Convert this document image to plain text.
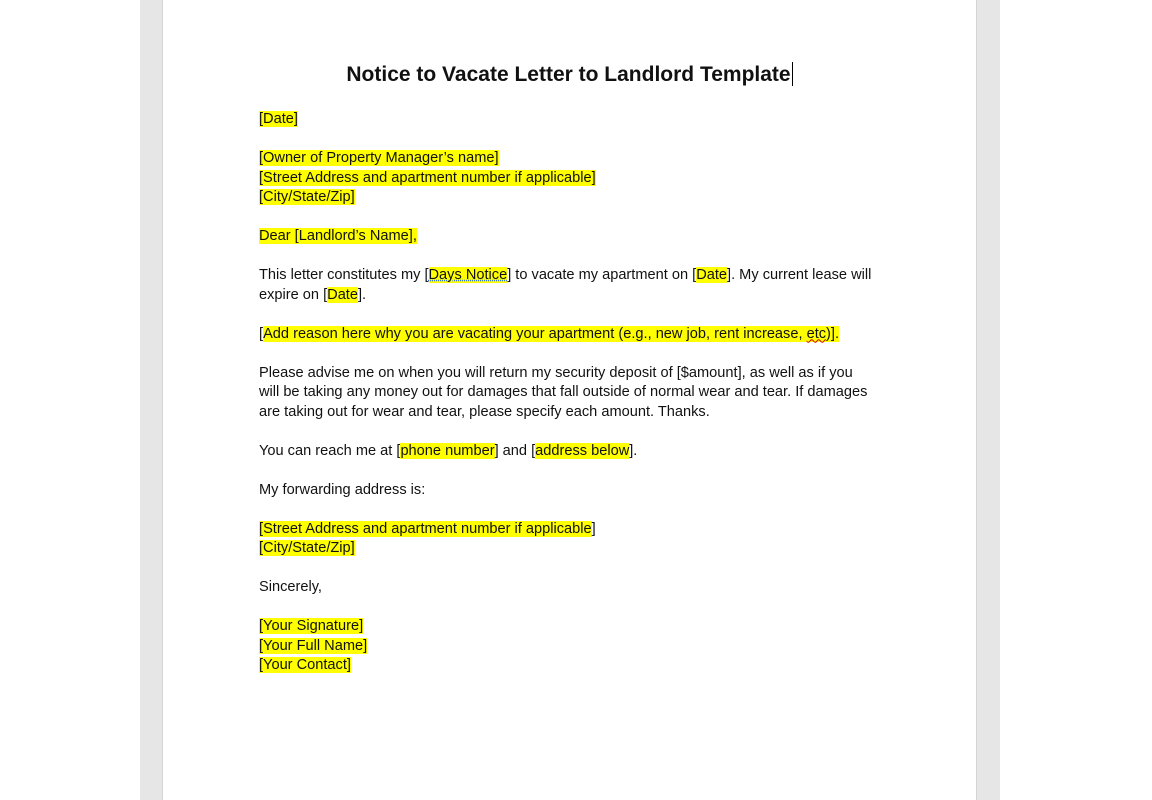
Notice to Vacate Letter to Landlord Template
[Date]
[Owner of Property Manager’s name]
[Street Address and apartment number if applicable]
[City/State/Zip]
Dear [Landlord’s Name],
This letter constitutes my [Days Notice] to vacate my apartment on [Date]. My current lease will
expire on [Date].
[Add reason here why you are vacating your apartment (e.g., new job, rent increase, etc)].
Please advise me on when you will return my security deposit of [$amount], as well as if you
will be taking any money out for damages that fall outside of normal wear and tear. If damages
are taking out for wear and tear, please specify each amount. Thanks.
You can reach me at [phone number] and [address below].
My forwarding address is:
[Street Address and apartment number if applicable]
[City/State/Zip]
Sincerely,
[Your Signature]
[Your Full Name]
[Your Contact]
